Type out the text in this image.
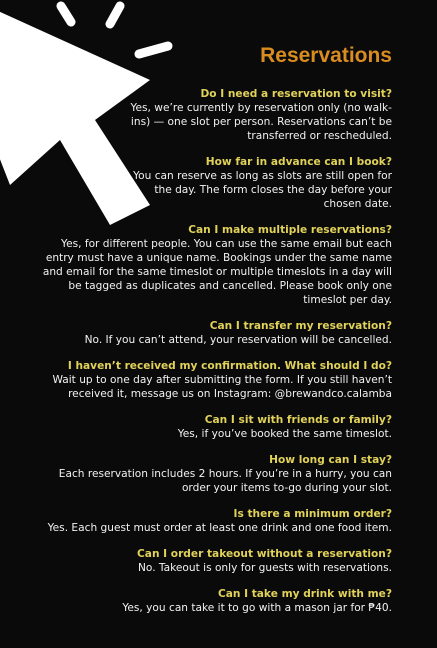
Reservations
Do I need a reservation to visit?
Yes, we’re currently by reservation only (no walk-
ins) — one slot per person. Reservations can’t be
transferred or rescheduled.
How far in advance can I book?
You can reserve as long as slots are still open for
the day. The form closes the day before your
chosen date.
Can I make multiple reservations?
Yes, for different people. You can use the same email but each
entry must have a unique name. Bookings under the same name
and email for the same timeslot or multiple timeslots in a day will
be tagged as duplicates and cancelled. Please book only one
timeslot per day.
Can I transfer my reservation?
No. If you can’t attend, your reservation will be cancelled.
I haven’t received my confirmation. What should I do?
Wait up to one day after submitting the form. If you still haven’t
received it, message us on Instagram: @brewandco.calamba
Can I sit with friends or family?
Yes, if you’ve booked the same timeslot.
How long can I stay?
Each reservation includes 2 hours. If you’re in a hurry, you can
order your items to-go during your slot.
Is there a minimum order?
Yes. Each guest must order at least one drink and one food item.
Can I order takeout without a reservation?
No. Takeout is only for guests with reservations.
Can I take my drink with me?
Yes, you can take it to go with a mason jar for ₱40.
